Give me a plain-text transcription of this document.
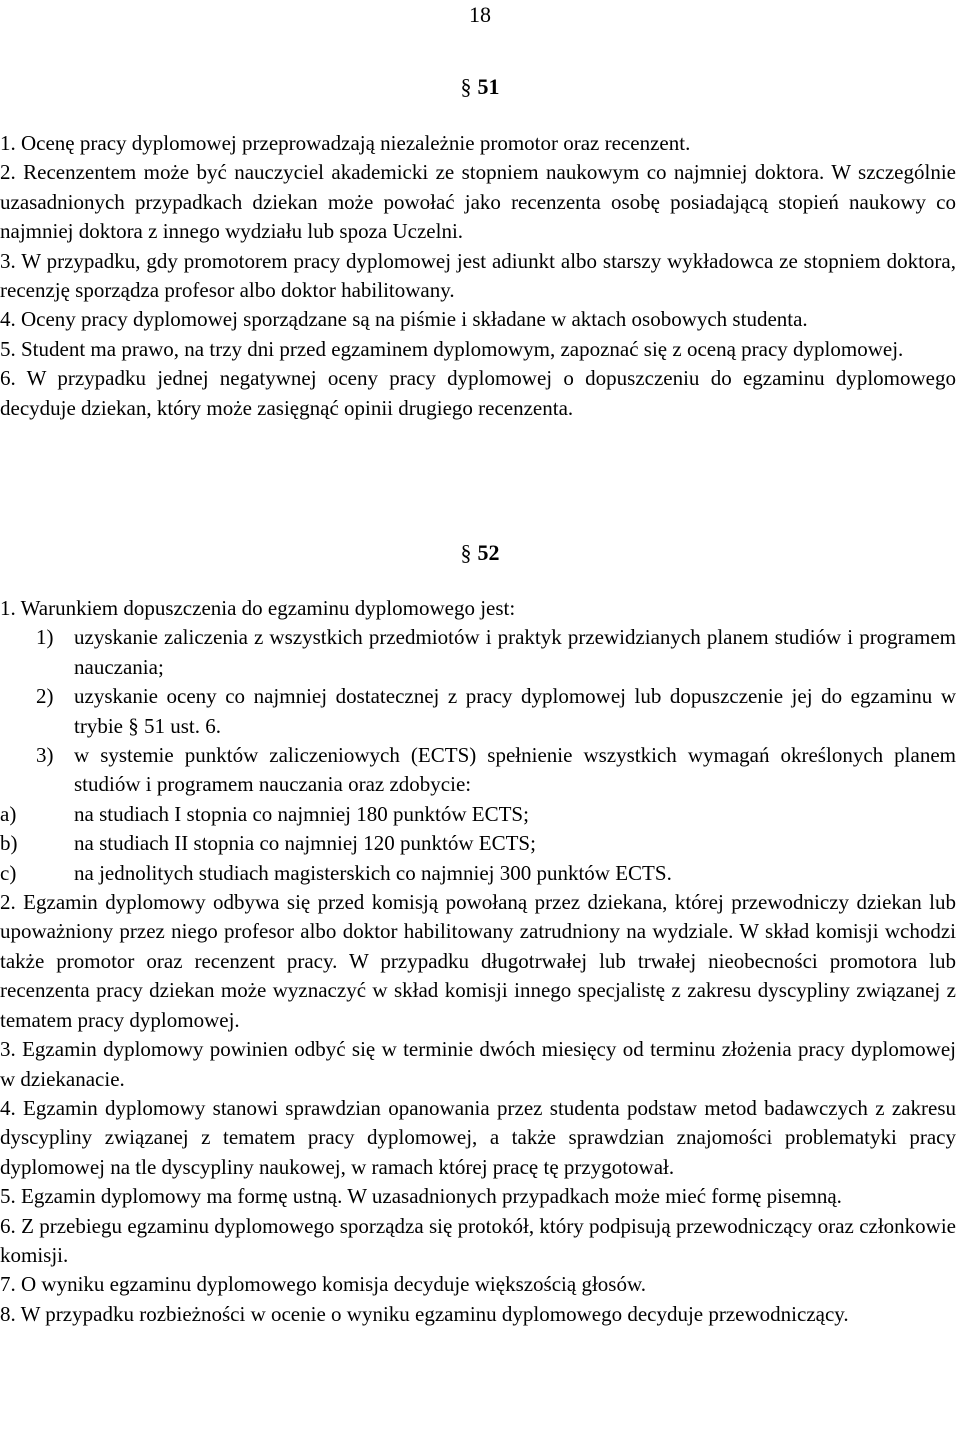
18
§ 51

1. Ocenę pracy dyplomowej przeprowadzają niezależnie promotor oraz recenzent.

2. Recenzentem może być nauczyciel akademicki ze stopniem naukowym co najmniej doktora. W szczególnie uzasadnionych przypadkach dziekan może powołać jako recenzenta osobę posiadającą stopień naukowy co najmniej doktora z innego wydziału lub spoza Uczelni.

3. W przypadku, gdy promotorem pracy dyplomowej jest adiunkt albo starszy wykładowca ze stopniem doktora, recenzję sporządza profesor albo doktor habilitowany.

4. Oceny pracy dyplomowej sporządzane są na piśmie i składane w aktach osobowych studenta.

5. Student ma prawo, na trzy dni przed egzaminem dyplomowym, zapoznać się z oceną pracy dyplomowej.

6. W przypadku jednej negatywnej oceny pracy dyplomowej o dopuszczeniu do egzaminu dyplomowego decyduje dziekan, który może zasięgnąć opinii drugiego recenzenta.

§ 52

1. Warunkiem dopuszczenia do egzaminu dyplomowego jest:

1) uzyskanie zaliczenia z wszystkich przedmiotów i praktyk przewidzianych planem studiów i programem nauczania;
2) uzyskanie oceny co najmniej dostatecznej z pracy dyplomowej lub dopuszczenie jej do egzaminu w trybie § 51 ust. 6.
3) w systemie punktów zaliczeniowych (ECTS) spełnienie wszystkich wymagań określonych planem studiów i programem nauczania oraz zdobycie:
a)	na studiach I stopnia co najmniej 180 punktów ECTS;
b)	na studiach II stopnia co najmniej 120 punktów ECTS;
c)	na jednolitych studiach magisterskich co najmniej 300 punktów ECTS.

2. Egzamin dyplomowy odbywa się przed komisją powołaną przez dziekana, której przewodniczy dziekan lub upoważniony przez niego profesor albo doktor habilitowany zatrudniony na wydziale. W skład komisji wchodzi także promotor oraz recenzent pracy. W przypadku długotrwałej lub trwałej nieobecności promotora lub recenzenta pracy dziekan może wyznaczyć w skład komisji innego specjalistę z zakresu dyscypliny związanej z tematem pracy dyplomowej.

3. Egzamin dyplomowy powinien odbyć się w terminie dwóch miesięcy od terminu złożenia pracy dyplomowej w dziekanacie.

4. Egzamin dyplomowy stanowi sprawdzian opanowania przez studenta podstaw metod badawczych z zakresu dyscypliny związanej z tematem pracy dyplomowej, a także sprawdzian znajomości problematyki pracy dyplomowej na tle dyscypliny naukowej, w ramach której pracę tę przygotował.

5. Egzamin dyplomowy ma formę ustną. W uzasadnionych przypadkach może mieć formę pisemną.

6. Z przebiegu egzaminu dyplomowego sporządza się protokół, który podpisują przewodniczący oraz członkowie komisji.

7. O wyniku egzaminu dyplomowego komisja decyduje większością głosów.

8. W przypadku rozbieżności w ocenie o wyniku egzaminu dyplomowego decyduje przewodniczący.
